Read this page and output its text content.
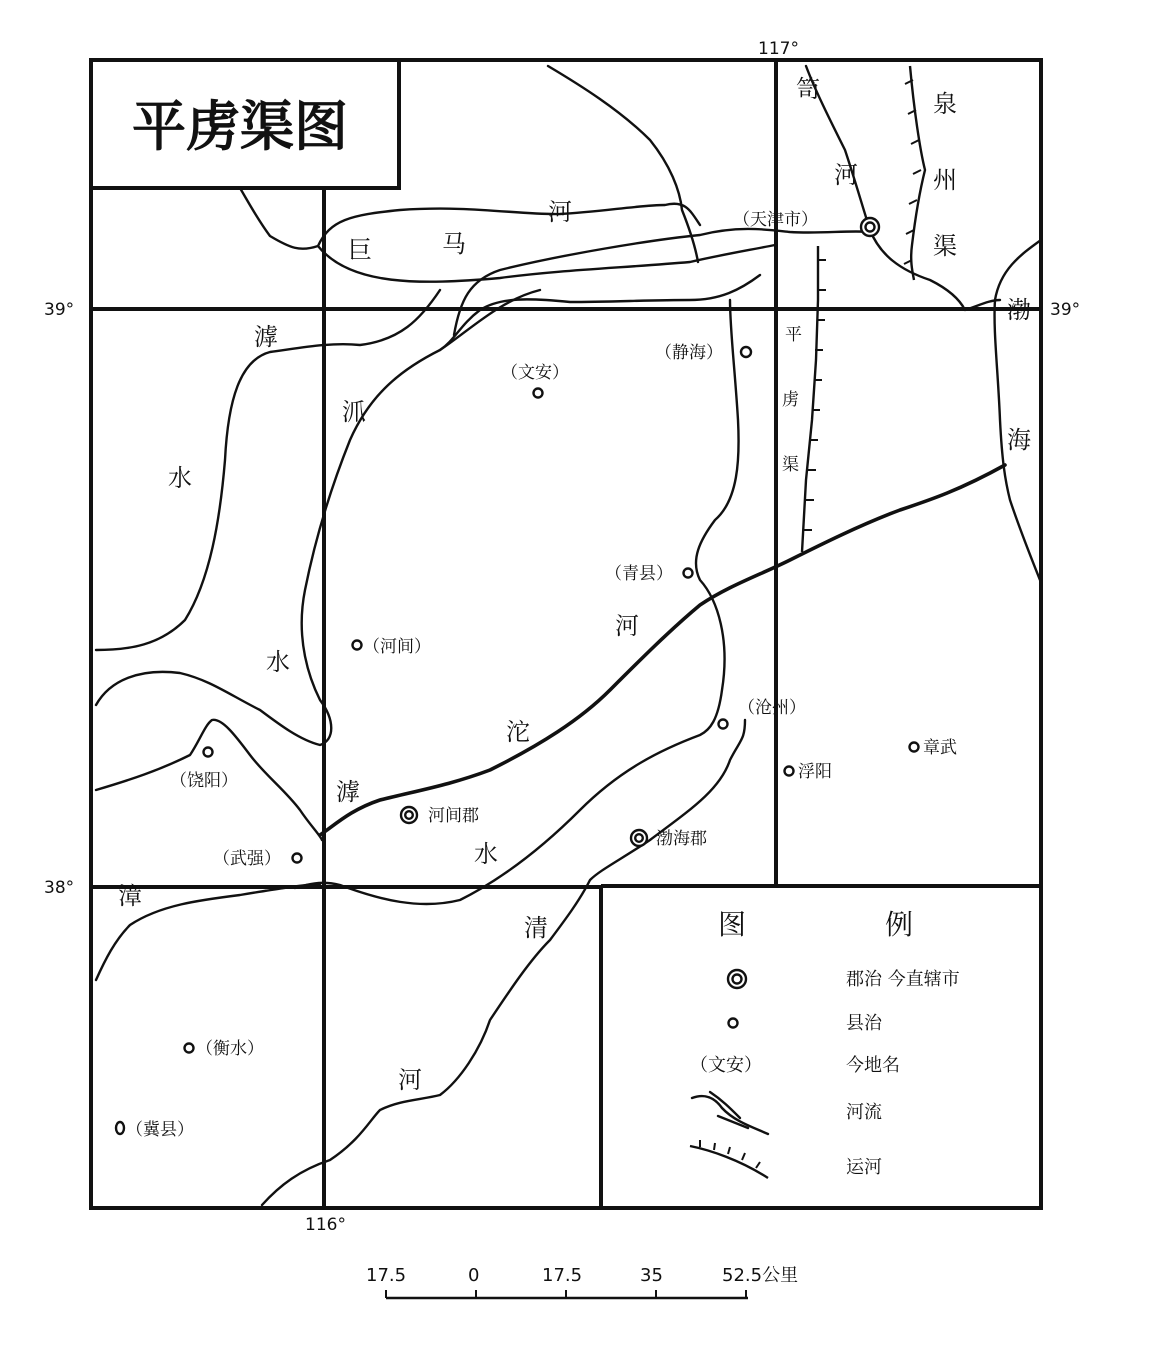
平虏渠图
117°
116°
39°	39°
38°
巨	马
河
笥
河
泉
州
渠
渤
海
平
虏
渠
滹
沠
水
水
河
沱
滹
水
漳
清
河
（天津市）
（静海）
（文安）
（青县）
（河间）
（沧州）
（饶阳）
（武强）
河间郡
渤海郡
浮阳
章武
（衡水）
（冀县）
图	例
郡治 今直辖市
县治
（文安）	今地名
河流
运河
17.5	0	17.5	35	52.5公里
